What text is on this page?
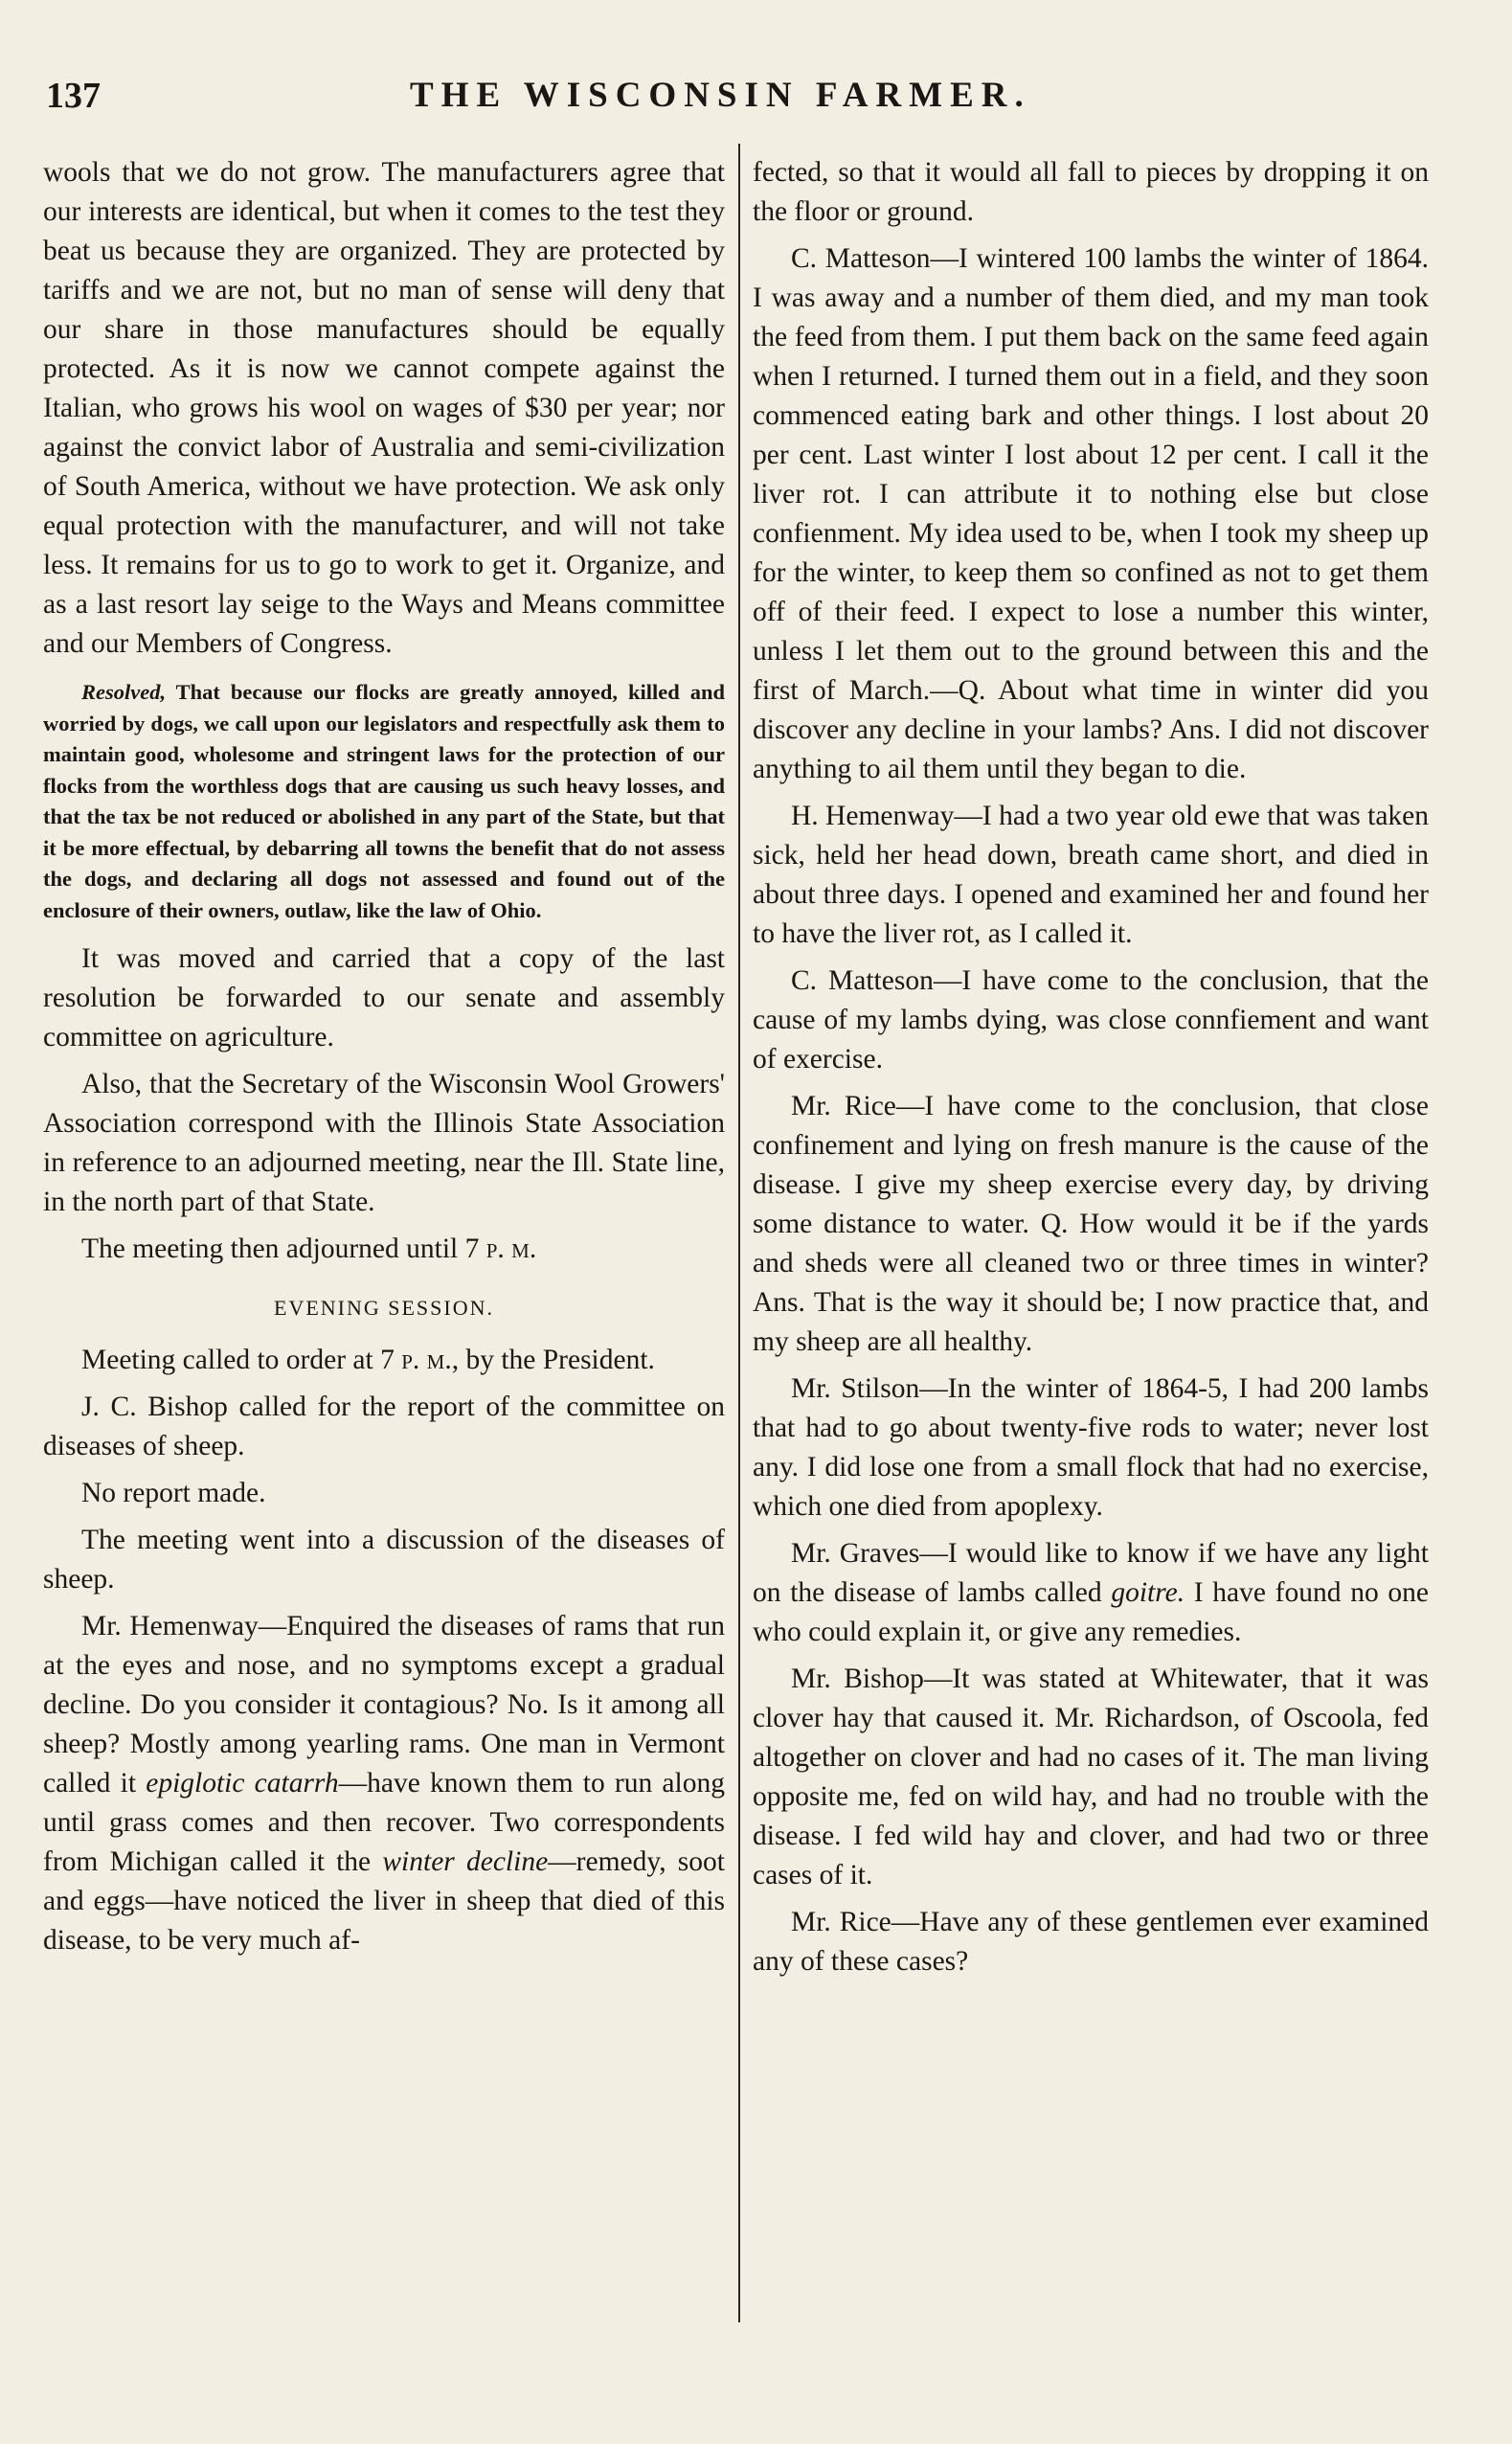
137	THE WISCONSIN FARMER.

wools that we do not grow. The manufacturers agree that our interests are identical, but when it comes to the test they beat us because they are organized. They are protected by tariffs and we are not, but no man of sense will deny that our share in those manufactures should be equally protected. As it is now we cannot compete against the Italian, who grows his wool on wages of $30 per year; nor against the convict labor of Australia and semi-civilization of South America, without we have protection. We ask only equal protection with the manufacturer, and will not take less. It remains for us to go to work to get it. Organize, and as a last resort lay seige to the Ways and Means committee and our Members of Congress.

Resolved, That because our flocks are greatly annoyed, killed and worried by dogs, we call upon our legislators and respectfully ask them to maintain good, wholesome and stringent laws for the protection of our flocks from the worthless dogs that are causing us such heavy losses, and that the tax be not reduced or abolished in any part of the State, but that it be more effectual, by debarring all towns the benefit that do not assess the dogs, and declaring all dogs not assessed and found out of the enclosure of their owners, outlaw, like the law of Ohio.

It was moved and carried that a copy of the last resolution be forwarded to our senate and assembly committee on agriculture.

Also, that the Secretary of the Wisconsin Wool Growers' Association correspond with the Illinois State Association in reference to an adjourned meeting, near the Ill. State line, in the north part of that State.

The meeting then adjourned until 7 p. m.

EVENING SESSION.

Meeting called to order at 7 p. m., by the President.

J. C. Bishop called for the report of the committee on diseases of sheep.

No report made.

The meeting went into a discussion of the diseases of sheep.

Mr. Hemenway—Enquired the diseases of rams that run at the eyes and nose, and no symptoms except a gradual decline. Do you consider it contagious? No. Is it among all sheep? Mostly among yearling rams. One man in Vermont called it epiglotic catarrh—have known them to run along until grass comes and then recover. Two correspondents from Michigan called it the winter decline—remedy, soot and eggs—have noticed the liver in sheep that died of this disease, to be very much af-

fected, so that it would all fall to pieces by dropping it on the floor or ground.

C. Matteson—I wintered 100 lambs the winter of 1864. I was away and a number of them died, and my man took the feed from them. I put them back on the same feed again when I returned. I turned them out in a field, and they soon commenced eating bark and other things. I lost about 20 per cent. Last winter I lost about 12 per cent. I call it the liver rot. I can attribute it to nothing else but close confienment. My idea used to be, when I took my sheep up for the winter, to keep them so confined as not to get them off of their feed. I expect to lose a number this winter, unless I let them out to the ground between this and the first of March.—Q. About what time in winter did you discover any decline in your lambs? Ans. I did not discover anything to ail them until they began to die.

H. Hemenway—I had a two year old ewe that was taken sick, held her head down, breath came short, and died in about three days. I opened and examined her and found her to have the liver rot, as I called it.

C. Matteson—I have come to the conclusion, that the cause of my lambs dying, was close connfiement and want of exercise.

Mr. Rice—I have come to the conclusion, that close confinement and lying on fresh manure is the cause of the disease. I give my sheep exercise every day, by driving some distance to water. Q. How would it be if the yards and sheds were all cleaned two or three times in winter? Ans. That is the way it should be; I now practice that, and my sheep are all healthy.

Mr. Stilson—In the winter of 1864-5, I had 200 lambs that had to go about twenty-five rods to water; never lost any. I did lose one from a small flock that had no exercise, which one died from apoplexy.

Mr. Graves—I would like to know if we have any light on the disease of lambs called goitre. I have found no one who could explain it, or give any remedies.

Mr. Bishop—It was stated at Whitewater, that it was clover hay that caused it. Mr. Richardson, of Oscoola, fed altogether on clover and had no cases of it. The man living opposite me, fed on wild hay, and had no trouble with the disease. I fed wild hay and clover, and had two or three cases of it.

Mr. Rice—Have any of these gentlemen ever examined any of these cases?
